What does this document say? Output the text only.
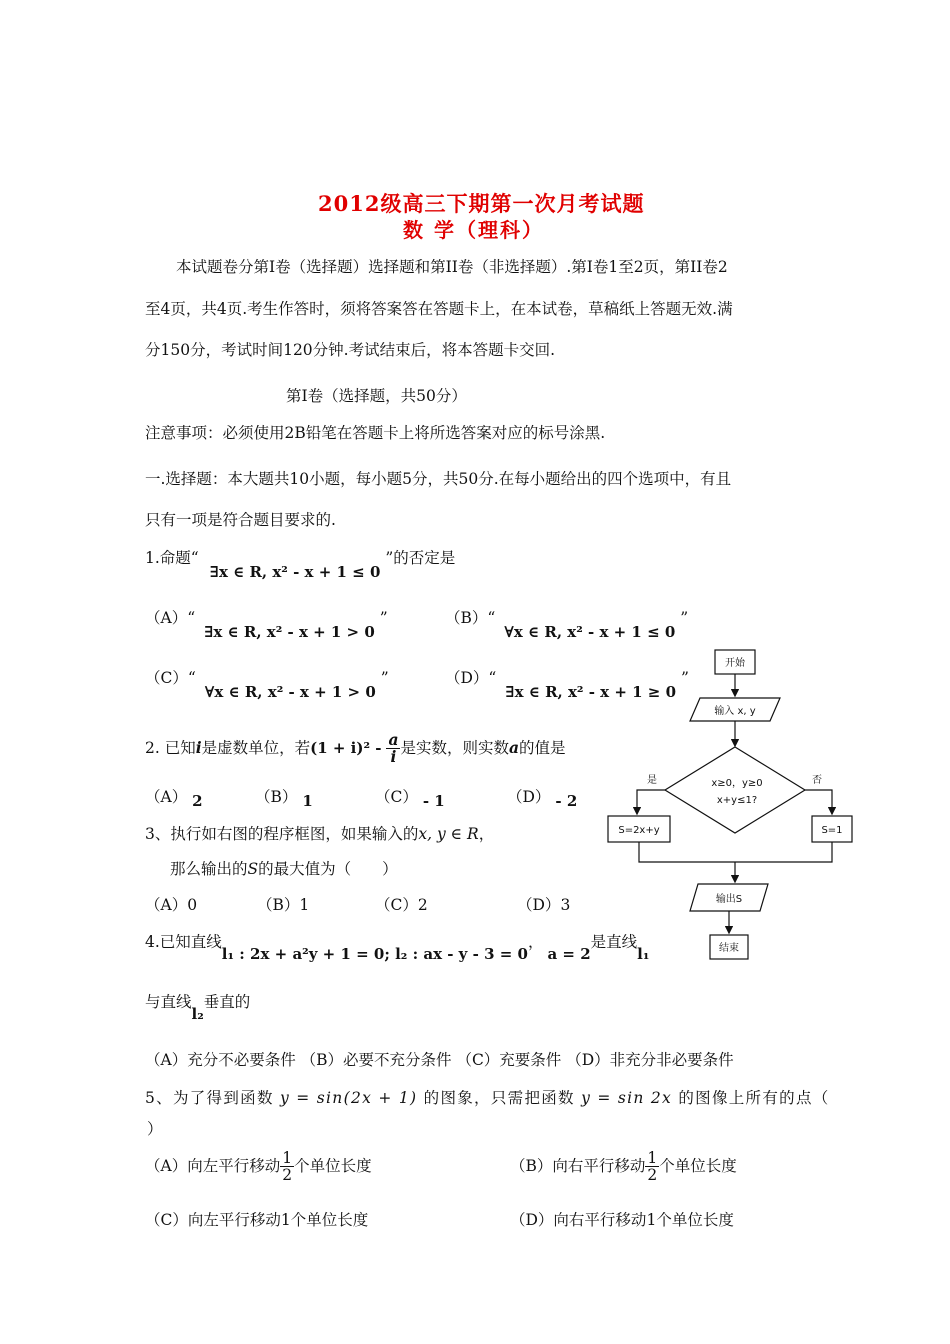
2012级高三下期第一次月考试题
数 学（理科）
本试题卷分第I卷（选择题）选择题和第II卷（非选择题）.第I卷1至2页，第II卷2
至4页，共4页.考生作答时，须将答案答在答题卡上，在本试卷，草稿纸上答题无效.满
分150分，考试时间120分钟.考试结束后，将本答题卡交回.
第I卷（选择题，共50分）
注意事项：必须使用2B铅笔在答题卡上将所选答案对应的标号涂黑.
一.选择题：本大题共10小题，每小题5分，共50分.在每小题给出的四个选项中，有且
只有一项是符合题目要求的.
1.命题“ ∃x ∈ R, x² - x + 1 ≤ 0 ”的否定是
（A）“ ∃x ∈ R, x² - x + 1 > 0 ”	（B）“ ∀x ∈ R, x² - x + 1 ≤ 0 ”
（C）“ ∀x ∈ R, x² - x + 1 > 0 ”	（D）“ ∃x ∈ R, x² - x + 1 ≥ 0 ”
2. 已知i是虚数单位，若$(1 + i)^2 - \frac{a}{i}$ 是实数，则实数a的值是
（A） 2	（B） 1	（C） - 1	（D） - 2
3、执行如右图的程序框图，如果输入的x, y ∈ R，
那么输出的S的最大值为（　　）
（A）0	（B）1	（C）2	（D）3
4.已知直线l₁ : 2x + a²y + 1 = 0; l₂ : ax - y - 3 = 0，a = 2是直线l₁
与直线l₂垂直的
（A）充分不必要条件 （B）必要不充分条件 （C）充要条件 （D）非充分非必要条件
5、为了得到函数 y = sin(2x + 1) 的图象，只需把函数 y = sin 2x 的图像上所有的点（
）
（A）向左平行移动 $\frac{1}{2}$ 个单位长度	（B）向右平行移动 $\frac{1}{2}$ 个单位长度
（C）向左平行移动1个单位长度	（D）向右平行移动1个单位长度
开始
输入 x, y
x≥0，y≥0
x+y≤1?
是
S=2x+y
否
S=1
输出S
结束
